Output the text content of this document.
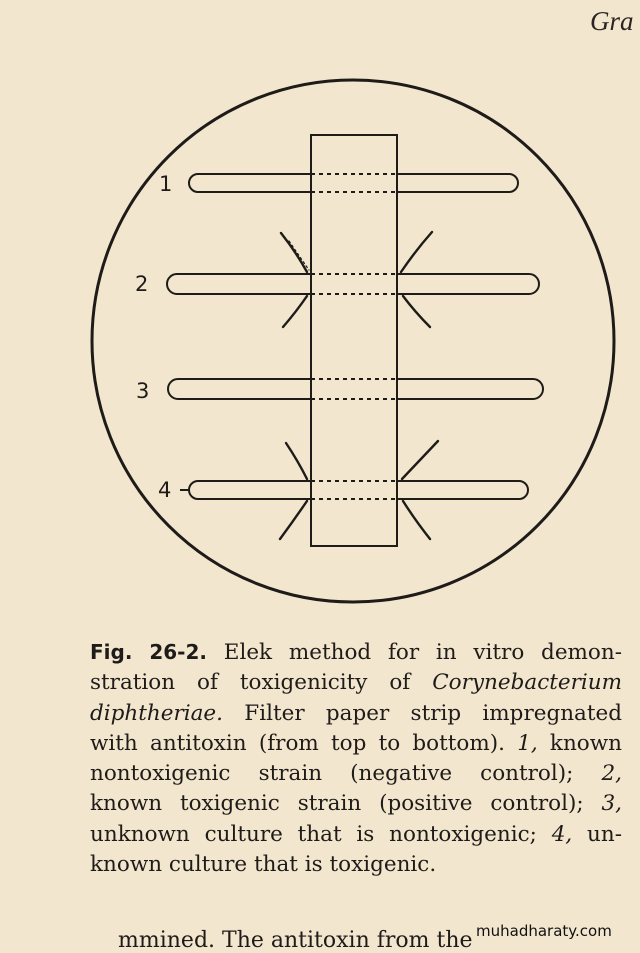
Gra
1
2
3
4
Fig. 26-2. Elek method for in vitro demon-
stration of toxigenicity of Corynebacterium
diphtheriae. Filter paper strip impregnated
with antitoxin (from top to bottom). 1, known
nontoxigenic strain (negative control); 2,
known toxigenic strain (positive control); 3,
unknown culture that is nontoxigenic; 4, un-
known culture that is toxigenic.
mmined. The antitoxin from the muhadharaty.com
